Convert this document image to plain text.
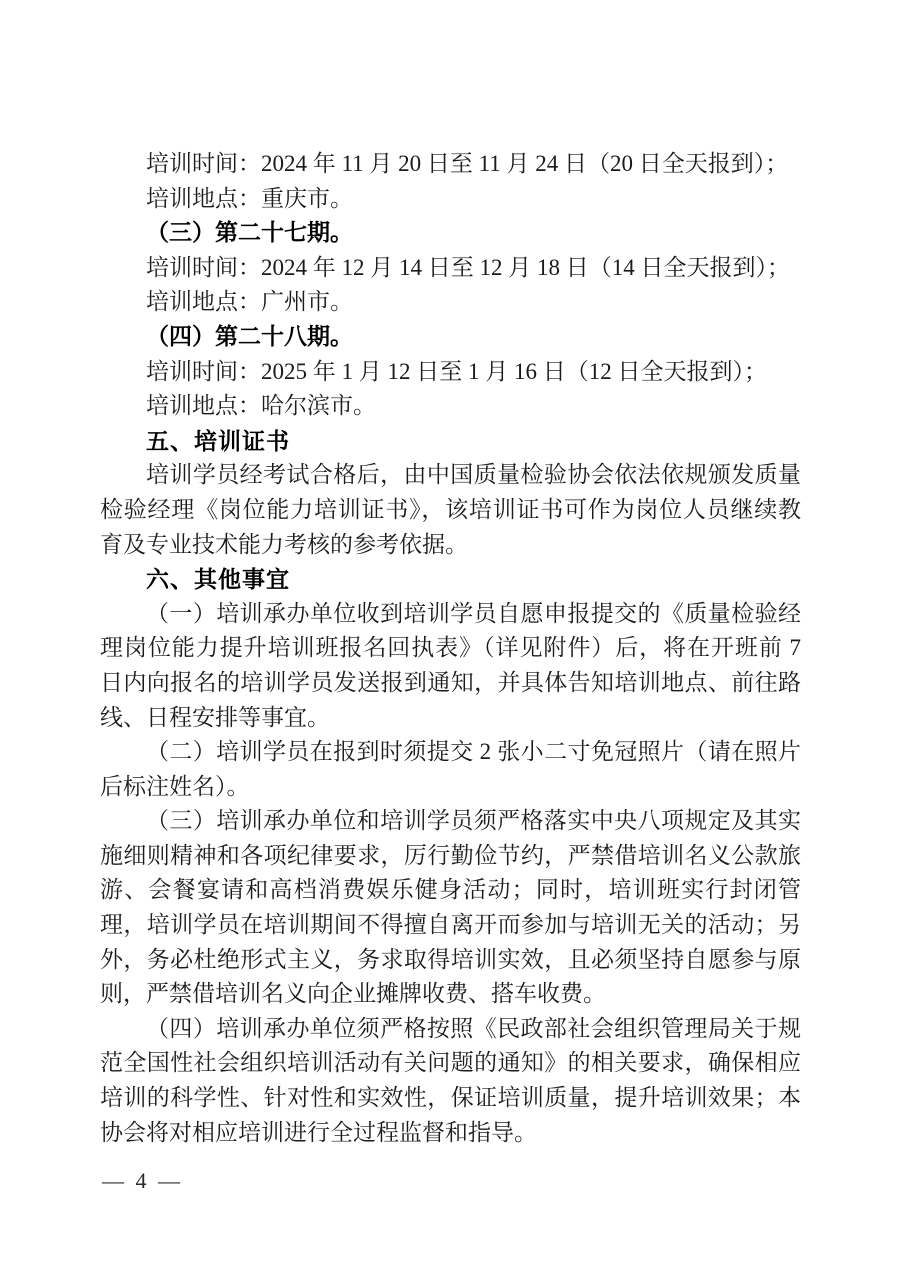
培训时间：2024 年 11 月 20 日至 11 月 24 日（20 日全天报到）；

培训地点：重庆市。

（三）第二十七期。

培训时间：2024 年 12 月 14 日至 12 月 18 日（14 日全天报到）；

培训地点：广州市。

（四）第二十八期。

培训时间：2025 年 1 月 12 日至 1 月 16 日（12 日全天报到）；

培训地点：哈尔滨市。

五、培训证书

培训学员经考试合格后，由中国质量检验协会依法依规颁发质量检验经理《岗位能力培训证书》，该培训证书可作为岗位人员继续教育及专业技术能力考核的参考依据。

六、其他事宜

（一）培训承办单位收到培训学员自愿申报提交的《质量检验经理岗位能力提升培训班报名回执表》（详见附件）后，将在开班前 7 日内向报名的培训学员发送报到通知，并具体告知培训地点、前往路线、日程安排等事宜。

（二）培训学员在报到时须提交 2 张小二寸免冠照片（请在照片后标注姓名）。

（三）培训承办单位和培训学员须严格落实中央八项规定及其实施细则精神和各项纪律要求，厉行勤俭节约，严禁借培训名义公款旅游、会餐宴请和高档消费娱乐健身活动；同时，培训班实行封闭管理，培训学员在培训期间不得擅自离开而参加与培训无关的活动；另外，务必杜绝形式主义，务求取得培训实效，且必须坚持自愿参与原则，严禁借培训名义向企业摊牌收费、搭车收费。

（四）培训承办单位须严格按照《民政部社会组织管理局关于规范全国性社会组织培训活动有关问题的通知》的相关要求，确保相应培训的科学性、针对性和实效性，保证培训质量，提升培训效果；本协会将对相应培训进行全过程监督和指导。

— 4 —
